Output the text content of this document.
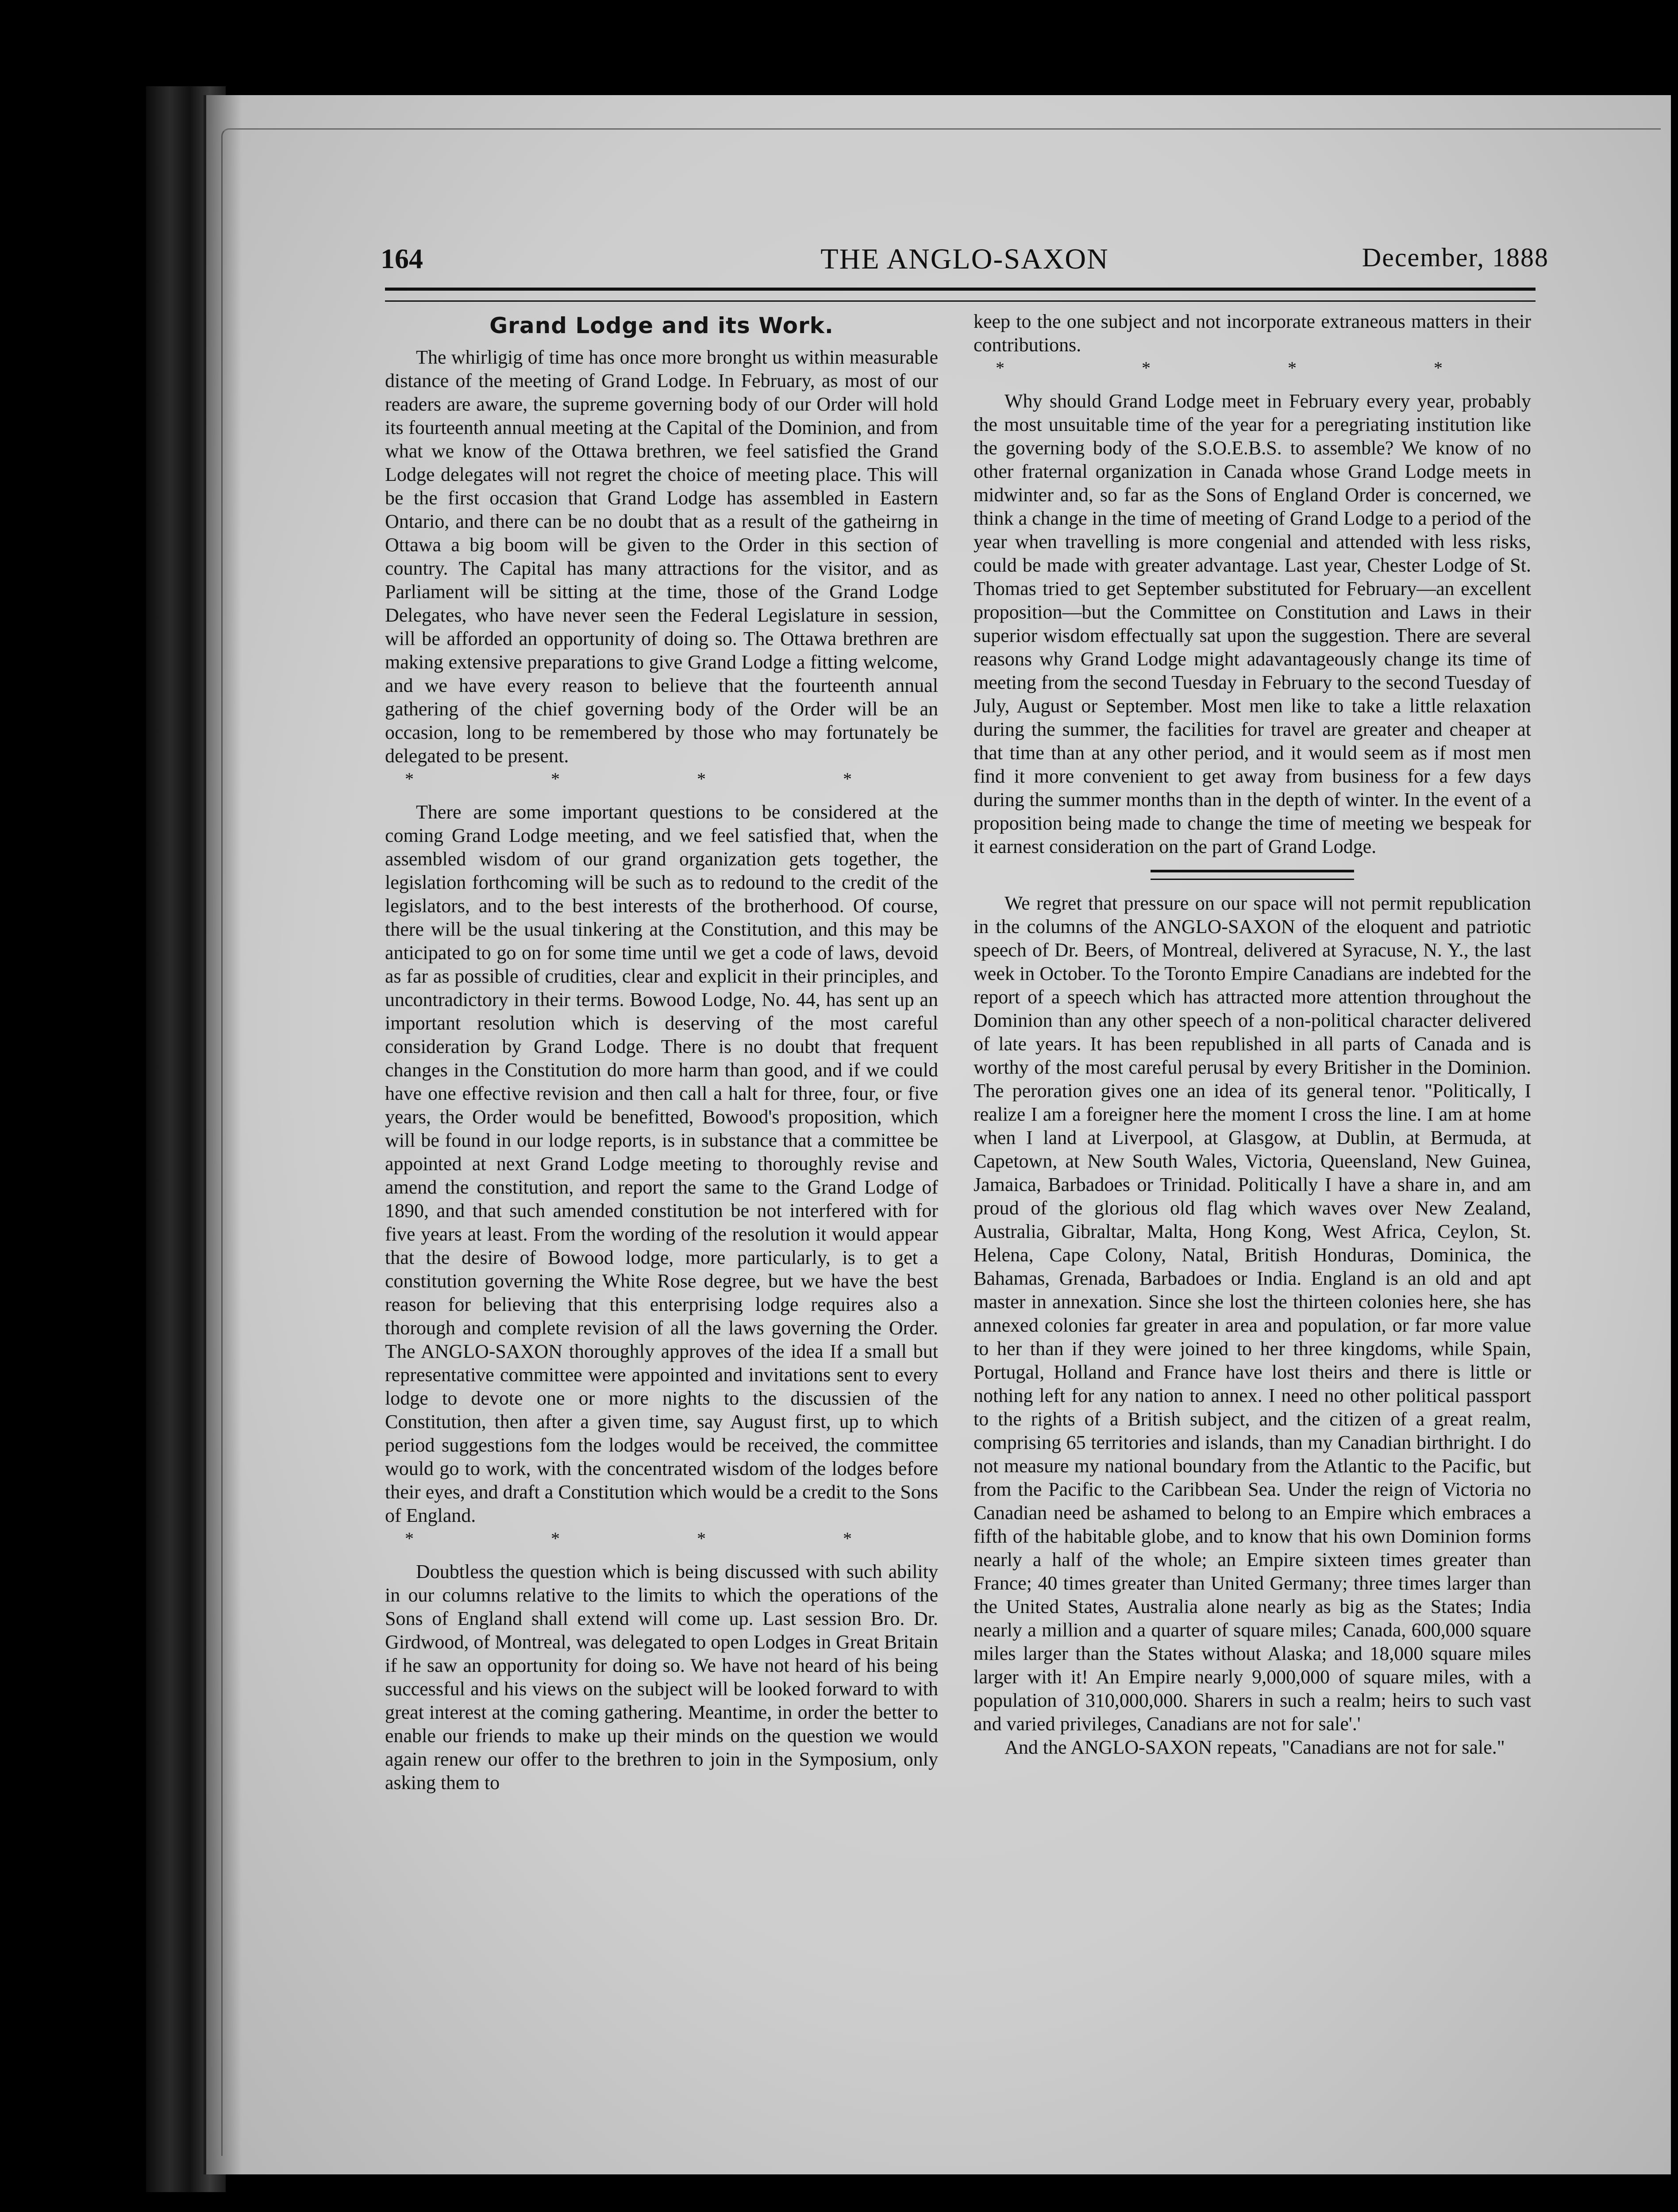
164	THE ANGLO-SAXON	December, 1888
Grand Lodge and its Work.

The whirligig of time has once more bronght us within measurable distance of the meeting of Grand Lodge. In February, as most of our readers are aware, the supreme governing body of our Order will hold its fourteenth annual meeting at the Capital of the Dominion, and from what we know of the Ottawa brethren, we feel satisfied the Grand Lodge delegates will not regret the choice of meeting place. This will be the first occasion that Grand Lodge has assembled in Eastern Ontario, and there can be no doubt that as a result of the gatheirng in Ottawa a big boom will be given to the Order in this section of country. The Capital has many attractions for the visitor, and as Parliament will be sitting at the time, those of the Grand Lodge Delegates, who have never seen the Federal Legislature in session, will be afforded an opportunity of doing so. The Ottawa brethren are making extensive preparations to give Grand Lodge a fitting welcome, and we have every reason to believe that the fourteenth annual gathering of the chief governing body of the Order will be an occasion, long to be remembered by those who may fortunately be delegated to be present.

* * * *

There are some important questions to be considered at the coming Grand Lodge meeting, and we feel satisfied that, when the assembled wisdom of our grand organization gets together, the legislation forthcoming will be such as to redound to the credit of the legislators, and to the best interests of the brotherhood. Of course, there will be the usual tinkering at the Constitution, and this may be anticipated to go on for some time until we get a code of laws, devoid as far as possible of crudities, clear and explicit in their principles, and uncontradictory in their terms. Bowood Lodge, No. 44, has sent up an important resolution which is deserving of the most careful consideration by Grand Lodge. There is no doubt that frequent changes in the Constitution do more harm than good, and if we could have one effective revision and then call a halt for three, four, or five years, the Order would be benefitted, Bowood's proposition, which will be found in our lodge reports, is in substance that a committee be appointed at next Grand Lodge meeting to thoroughly revise and amend the constitution, and report the same to the Grand Lodge of 1890, and that such amended constitution be not interfered with for five years at least. From the wording of the resolution it would appear that the desire of Bowood lodge, more particularly, is to get a constitution governing the White Rose degree, but we have the best reason for believing that this enterprising lodge requires also a thorough and complete revision of all the laws governing the Order. The ANGLO-SAXON thoroughly approves of the idea If a small but representative committee were appointed and invitations sent to every lodge to devote one or more nights to the discussien of the Constitution, then after a given time, say August first, up to which period suggestions fom the lodges would be received, the committee would go to work, with the concentrated wisdom of the lodges before their eyes, and draft a Constitution which would be a credit to the Sons of England.

* * * *

Doubtless the question which is being discussed with such ability in our columns relative to the limits to which the operations of the Sons of England shall extend will come up. Last session Bro. Dr. Girdwood, of Montreal, was delegated to open Lodges in Great Britain if he saw an opportunity for doing so. We have not heard of his being successful and his views on the subject will be looked forward to with great interest at the coming gathering. Meantime, in order the better to enable our friends to make up their minds on the question we would again renew our offer to the brethren to join in the Symposium, only asking them to

keep to the one subject and not incorporate extraneous matters in their contributions.

* * * *

Why should Grand Lodge meet in February every year, probably the most unsuitable time of the year for a peregriating institution like the governing body of the S.O.E.B.S. to assemble? We know of no other fraternal organization in Canada whose Grand Lodge meets in midwinter and, so far as the Sons of England Order is concerned, we think a change in the time of meeting of Grand Lodge to a period of the year when travelling is more congenial and attended with less risks, could be made with greater advantage. Last year, Chester Lodge of St. Thomas tried to get September substituted for February—an excellent proposition—but the Committee on Constitution and Laws in their superior wisdom effectually sat upon the suggestion. There are several reasons why Grand Lodge might adavantageously change its time of meeting from the second Tuesday in February to the second Tuesday of July, August or September. Most men like to take a little relaxation during the summer, the facilities for travel are greater and cheaper at that time than at any other period, and it would seem as if most men find it more convenient to get away from business for a few days during the summer months than in the depth of winter. In the event of a proposition being made to change the time of meeting we bespeak for it earnest consideration on the part of Grand Lodge.

We regret that pressure on our space will not permit republication in the columns of the ANGLO-SAXON of the eloquent and patriotic speech of Dr. Beers, of Montreal, delivered at Syracuse, N. Y., the last week in October. To the Toronto Empire Canadians are indebted for the report of a speech which has attracted more attention throughout the Dominion than any other speech of a non-political character delivered of late years. It has been republished in all parts of Canada and is worthy of the most careful perusal by every Britisher in the Dominion. The peroration gives one an idea of its general tenor. "Politically, I realize I am a foreigner here the moment I cross the line. I am at home when I land at Liverpool, at Glasgow, at Dublin, at Bermuda, at Capetown, at New South Wales, Victoria, Queensland, New Guinea, Jamaica, Barbadoes or Trinidad. Politically I have a share in, and am proud of the glorious old flag which waves over New Zealand, Australia, Gibraltar, Malta, Hong Kong, West Africa, Ceylon, St. Helena, Cape Colony, Natal, British Honduras, Dominica, the Bahamas, Grenada, Barbadoes or India. England is an old and apt master in annexation. Since she lost the thirteen colonies here, she has annexed colonies far greater in area and population, or far more value to her than if they were joined to her three kingdoms, while Spain, Portugal, Holland and France have lost theirs and there is little or nothing left for any nation to annex. I need no other political passport to the rights of a British subject, and the citizen of a great realm, comprising 65 territories and islands, than my Canadian birthright. I do not measure my national boundary from the Atlantic to the Pacific, but from the Pacific to the Caribbean Sea. Under the reign of Victoria no Canadian need be ashamed to belong to an Empire which embraces a fifth of the habitable globe, and to know that his own Dominion forms nearly a half of the whole; an Empire sixteen times greater than France; 40 times greater than United Germany; three times larger than the United States, Australia alone nearly as big as the States; India nearly a million and a quarter of square miles; Canada, 600,000 square miles larger than the States without Alaska; and 18,000 square miles larger with it! An Empire nearly 9,000,000 of square miles, with a population of 310,000,000. Sharers in such a realm; heirs to such vast and varied privileges, Canadians are not for sale'.'

And the ANGLO-SAXON repeats, "Canadians are not for sale."
